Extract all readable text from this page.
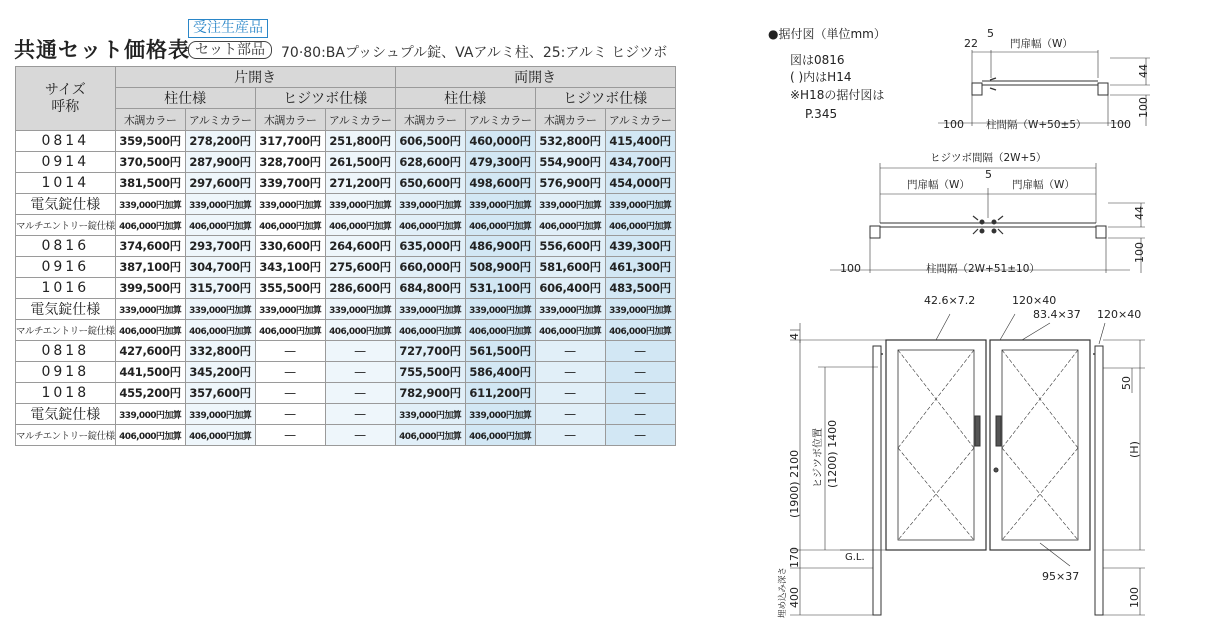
共通セット価格表
受注生産品
セット部品	70·80:BAプッシュプル錠、VAアルミ柱、25:アルミ ヒジツボ
サイズ
呼称	片開き				両開き			
	柱仕様		ヒジツボ仕様		柱仕様		ヒジツボ仕様	
	木調カラー	アルミカラー	木調カラー	アルミカラー	木調カラー	アルミカラー	木調カラー	アルミカラー
0814	359,500円	278,200円	317,700円	251,800円	606,500円	460,000円	532,800円	415,400円
0914	370,500円	287,900円	328,700円	261,500円	628,600円	479,300円	554,900円	434,700円
1014	381,500円	297,600円	339,700円	271,200円	650,600円	498,600円	576,900円	454,000円
電気錠仕様	339,000円加算	339,000円加算	339,000円加算	339,000円加算	339,000円加算	339,000円加算	339,000円加算	339,000円加算
マルチエントリー錠仕様	406,000円加算	406,000円加算	406,000円加算	406,000円加算	406,000円加算	406,000円加算	406,000円加算	406,000円加算
0816	374,600円	293,700円	330,600円	264,600円	635,000円	486,900円	556,600円	439,300円
0916	387,100円	304,700円	343,100円	275,600円	660,000円	508,900円	581,600円	461,300円
1016	399,500円	315,700円	355,500円	286,600円	684,800円	531,100円	606,400円	483,500円
電気錠仕様	339,000円加算	339,000円加算	339,000円加算	339,000円加算	339,000円加算	339,000円加算	339,000円加算	339,000円加算
マルチエントリー錠仕様	406,000円加算	406,000円加算	406,000円加算	406,000円加算	406,000円加算	406,000円加算	406,000円加算	406,000円加算
0818	427,600円	332,800円	—	—	727,700円	561,500円	—	—
0918	441,500円	345,200円	—	—	755,500円	586,400円	—	—
1018	455,200円	357,600円	—	—	782,900円	611,200円	—	—
電気錠仕様	339,000円加算	339,000円加算	—	—	339,000円加算	339,000円加算	—	—
マルチエントリー錠仕様	406,000円加算	406,000円加算	—	—	406,000円加算	406,000円加算	—	—
●据付図（単位mm）
図は0816
( )内はH14
※H18の据付図は
P.345
22
5
門扉幅（W）
44
100
100 柱間隔（W+50±5） 100
ヒジツボ間隔（2W+5）
5
門扉幅（W）	門扉幅（W）
44
100
100	柱間隔（2W+51±10）
42.6×7.2	120×40
83.4×37 120×40
4
50
(H)
ヒジツボ位置 (1200) 1400
(1900) 2100
G.L.
170
埋め込み深さ 400
95×37
100
